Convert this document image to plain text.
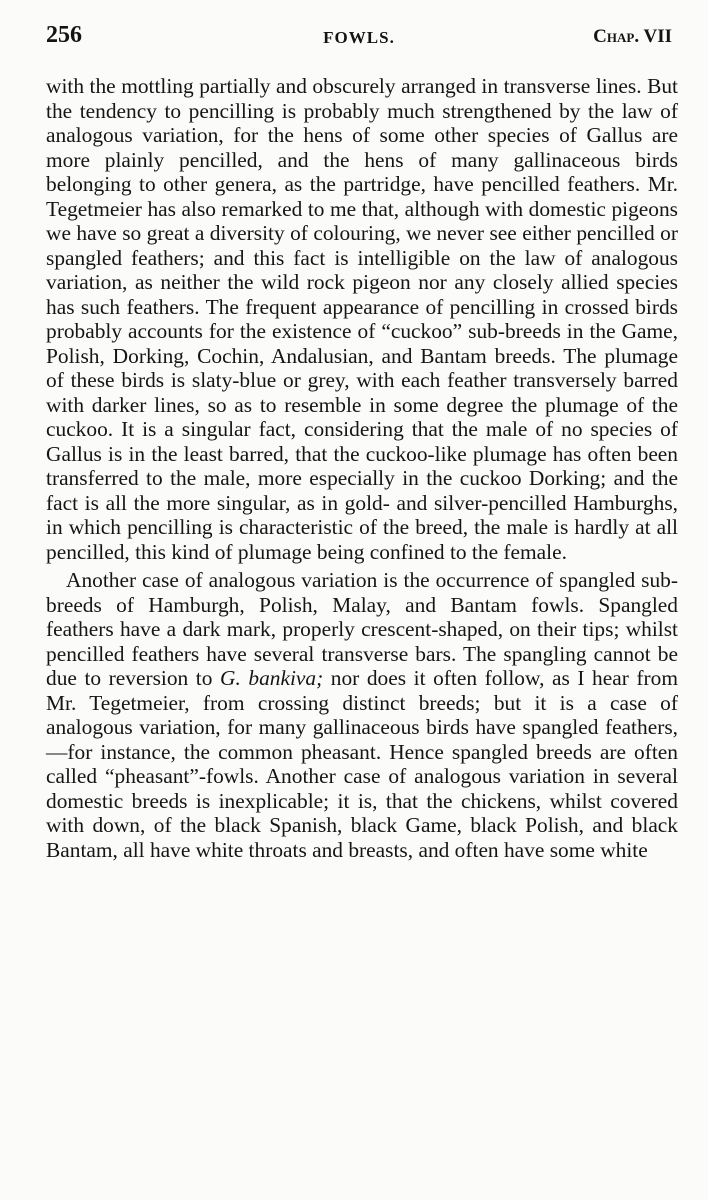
256	FOWLS.	Chap. VII

with the mottling partially and obscurely arranged in transverse lines. But the tendency to pencilling is probably much strengthened by the law of analogous variation, for the hens of some other species of Gallus are more plainly pencilled, and the hens of many gallinaceous birds belonging to other genera, as the partridge, have pencilled feathers. Mr. Tegetmeier has also remarked to me that, although with domestic pigeons we have so great a diversity of colouring, we never see either pencilled or spangled feathers; and this fact is intelligible on the law of analogous variation, as neither the wild rock pigeon nor any closely allied species has such feathers. The frequent appearance of pencilling in crossed birds probably accounts for the existence of “cuckoo” sub-breeds in the Game, Polish, Dorking, Cochin, Andalusian, and Bantam breeds. The plumage of these birds is slaty-blue or grey, with each feather transversely barred with darker lines, so as to resemble in some degree the plumage of the cuckoo. It is a singular fact, considering that the male of no species of Gallus is in the least barred, that the cuckoo-like plumage has often been transferred to the male, more especially in the cuckoo Dorking; and the fact is all the more singular, as in gold- and silver-pencilled Hamburghs, in which pencilling is characteristic of the breed, the male is hardly at all pencilled, this kind of plumage being confined to the female.

Another case of analogous variation is the occurrence of spangled sub-breeds of Hamburgh, Polish, Malay, and Bantam fowls. Spangled feathers have a dark mark, properly crescent-shaped, on their tips; whilst pencilled feathers have several transverse bars. The spangling cannot be due to reversion to G. bankiva; nor does it often follow, as I hear from Mr. Tegetmeier, from crossing distinct breeds; but it is a case of analogous variation, for many gallinaceous birds have spangled feathers,—for instance, the common pheasant. Hence spangled breeds are often called “pheasant”-fowls. Another case of analogous variation in several domestic breeds is inexplicable; it is, that the chickens, whilst covered with down, of the black Spanish, black Game, black Polish, and black Bantam, all have white throats and breasts, and often have some white
